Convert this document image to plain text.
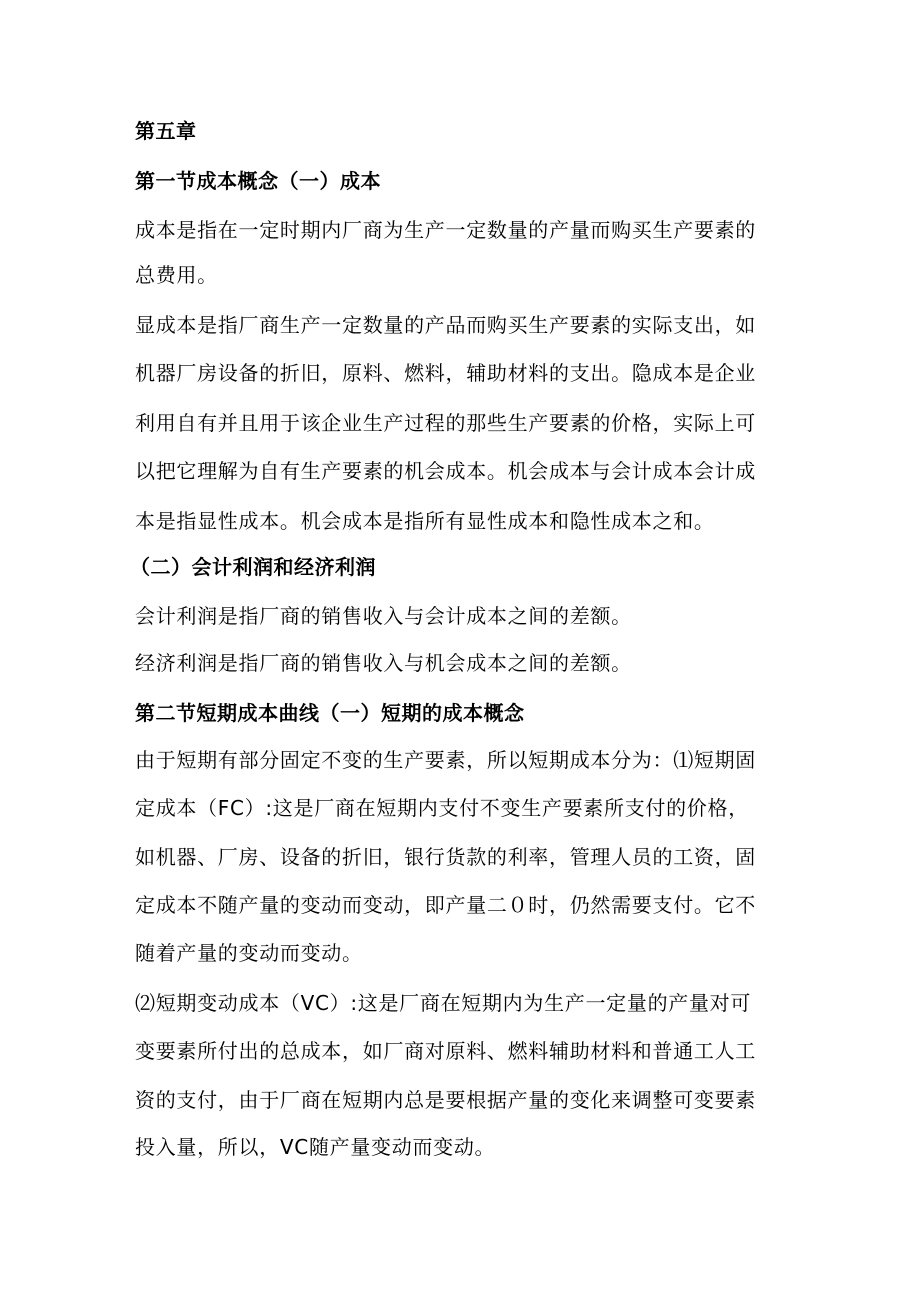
第五章
第一节成本概念（一）成本
成本是指在一定时期内厂商为生产一定数量的产量而购买生产要素的
总费用。
显成本是指厂商生产一定数量的产品而购买生产要素的实际支出，如
机器厂房设备的折旧，原料、燃料，辅助材料的支出。隐成本是企业
利用自有并且用于该企业生产过程的那些生产要素的价格，实际上可
以把它理解为自有生产要素的机会成本。机会成本与会计成本会计成
本是指显性成本。机会成本是指所有显性成本和隐性成本之和。
（二）会计利润和经济利润
会计利润是指厂商的销售收入与会计成本之间的差额。
经济利润是指厂商的销售收入与机会成本之间的差额。
第二节短期成本曲线（一）短期的成本概念
由于短期有部分固定不变的生产要素，所以短期成本分为：⑴短期固
定成本（FC）:这是厂商在短期内支付不变生产要素所支付的价格，
如机器、厂房、设备的折旧，银行货款的利率，管理人员的工资，固
定成本不随产量的变动而变动，即产量二０时，仍然需要支付。它不
随着产量的变动而变动。
⑵短期变动成本（VC）:这是厂商在短期内为生产一定量的产量对可
变要素所付出的总成本，如厂商对原料、燃料辅助材料和普通工人工
资的支付，由于厂商在短期内总是要根据产量的变化来调整可变要素
投入量，所以，VC随产量变动而变动。
